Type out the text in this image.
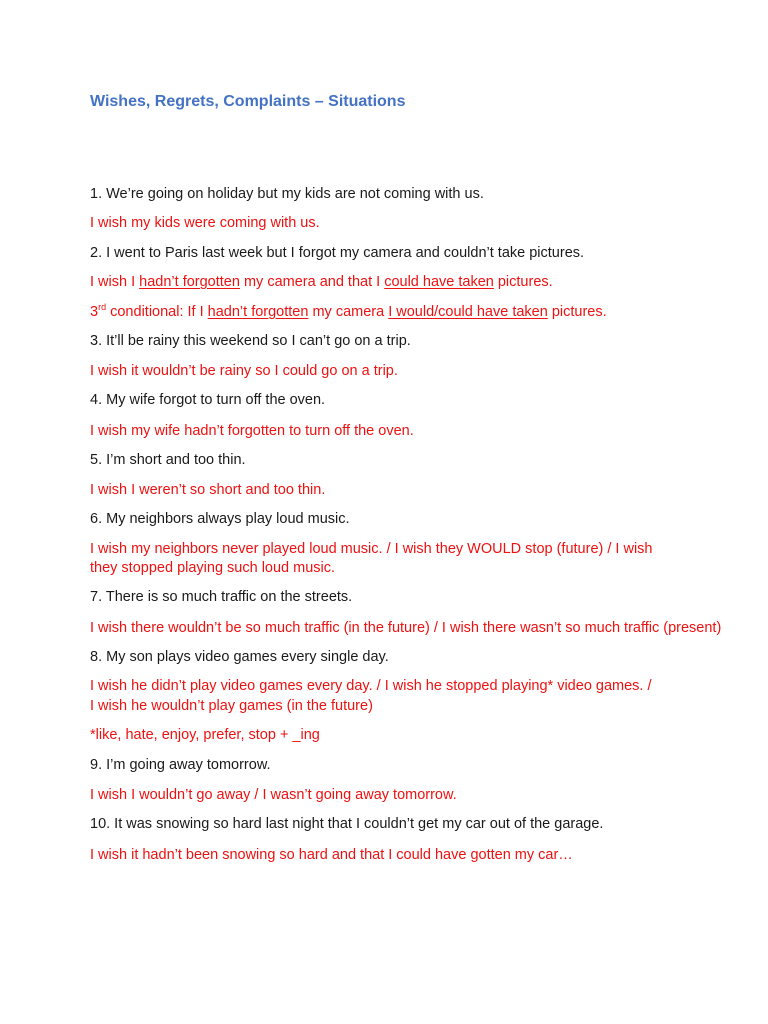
Wishes, Regrets, Complaints – Situations
1. We’re going on holiday but my kids are not coming with us.
I wish my kids were coming with us.
2. I went to Paris last week but I forgot my camera and couldn’t take pictures.
I wish I hadn’t forgotten my camera and that I could have taken pictures.
3rd conditional: If I hadn’t forgotten my camera I would/could have taken pictures.
3. It’ll be rainy this weekend so I can’t go on a trip.
I wish it wouldn’t be rainy so I could go on a trip.
4. My wife forgot to turn off the oven.
I wish my wife hadn’t forgotten to turn off the oven.
5. I’m short and too thin.
I wish I weren’t so short and too thin.
6. My neighbors always play loud music.
I wish my neighbors never played loud music. / I wish they WOULD stop (future) / I wish
they stopped playing such loud music.
7. There is so much traffic on the streets.
I wish there wouldn’t be so much traffic (in the future) / I wish there wasn’t so much traffic (present)
8. My son plays video games every single day.
I wish he didn’t play video games every day. / I wish he stopped playing* video games. /
I wish he wouldn’t play games (in the future)
*like, hate, enjoy, prefer, stop + _ing
9. I’m going away tomorrow.
I wish I wouldn’t go away / I wasn’t going away tomorrow.
10. It was snowing so hard last night that I couldn’t get my car out of the garage.
I wish it hadn’t been snowing so hard and that I could have gotten my car…
